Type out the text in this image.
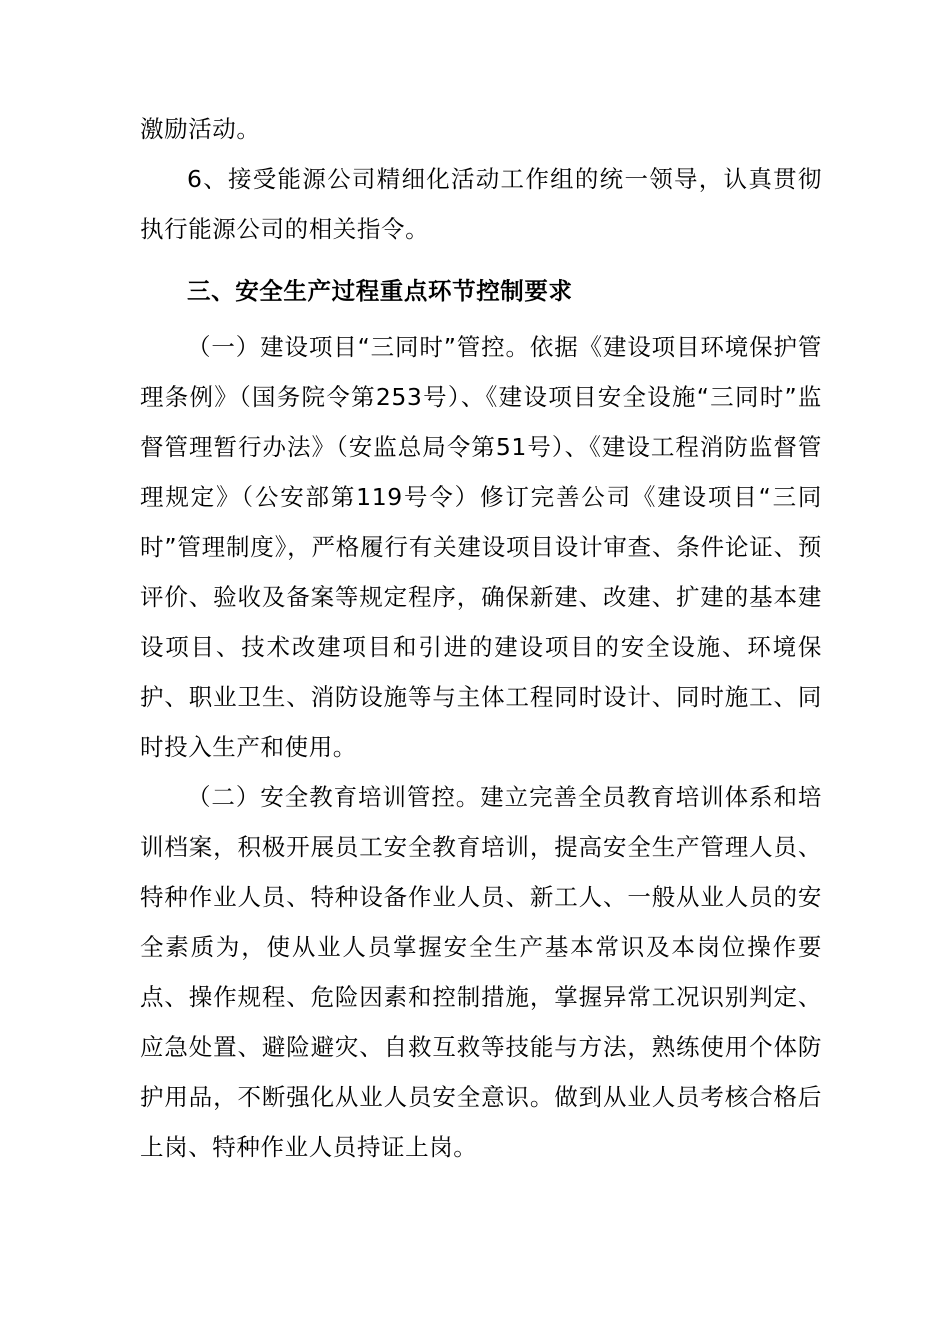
激励活动。

6、接受能源公司精细化活动工作组的统一领导，认真贯彻执行能源公司的相关指令。

三、安全生产过程重点环节控制要求

（一）建设项目“三同时”管控。依据《建设项目环境保护管理条例》（国务院令第253号）、《建设项目安全设施“三同时”监督管理暂行办法》（安监总局令第51号）、《建设工程消防监督管理规定》（公安部第119号令）修订完善公司《建设项目“三同时”管理制度》，严格履行有关建设项目设计审查、条件论证、预评价、验收及备案等规定程序，确保新建、改建、扩建的基本建设项目、技术改建项目和引进的建设项目的安全设施、环境保护、职业卫生、消防设施等与主体工程同时设计、同时施工、同时投入生产和使用。

（二）安全教育培训管控。建立完善全员教育培训体系和培训档案，积极开展员工安全教育培训，提高安全生产管理人员、特种作业人员、特种设备作业人员、新工人、一般从业人员的安全素质为，使从业人员掌握安全生产基本常识及本岗位操作要点、操作规程、危险因素和控制措施，掌握异常工况识别判定、应急处置、避险避灾、自救互救等技能与方法，熟练使用个体防护用品，不断强化从业人员安全意识。做到从业人员考核合格后上岗、特种作业人员持证上岗。
